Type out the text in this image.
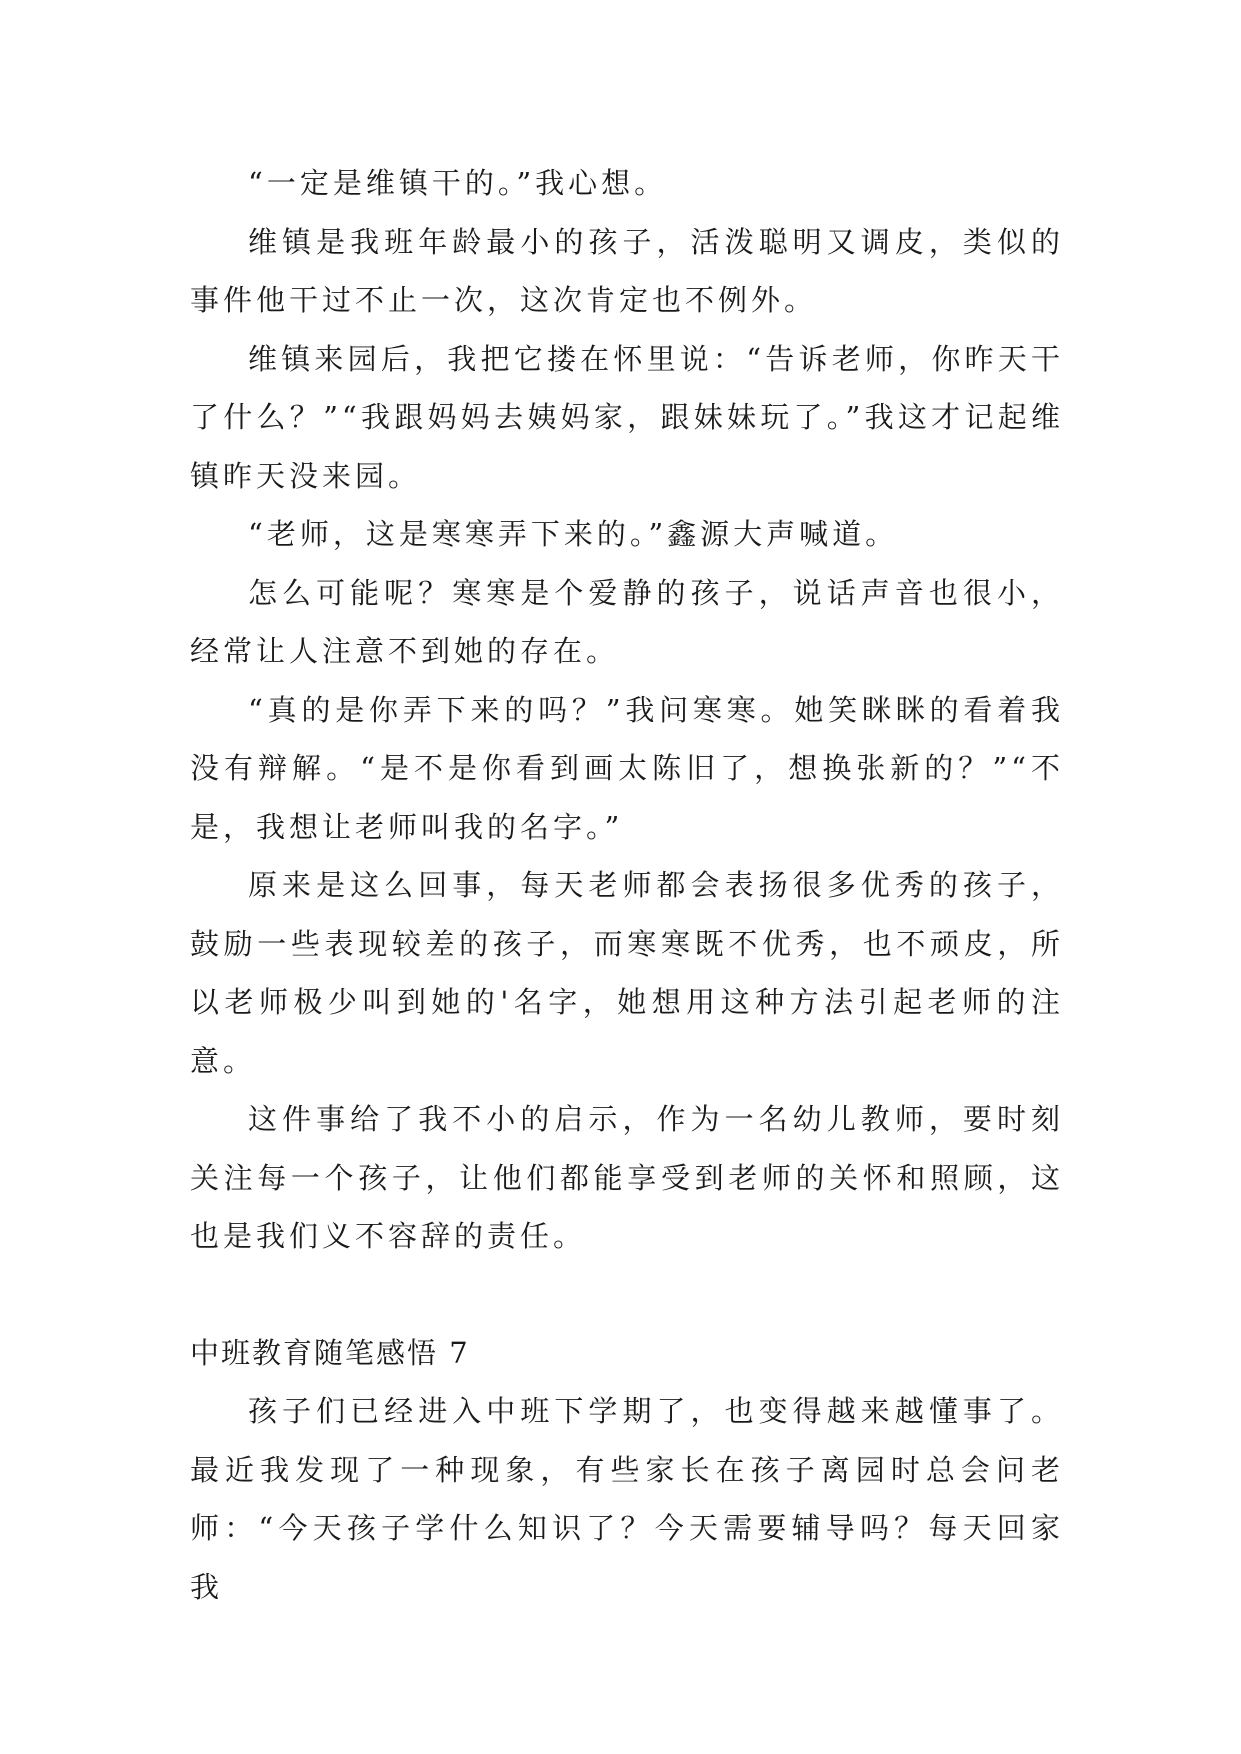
“一定是维镇干的。”我心想。

维镇是我班年龄最小的孩子，活泼聪明又调皮，类似的事件他干过不止一次，这次肯定也不例外。

维镇来园后，我把它搂在怀里说：“告诉老师，你昨天干了什么？”“我跟妈妈去姨妈家，跟妹妹玩了。”我这才记起维镇昨天没来园。

“老师，这是寒寒弄下来的。”鑫源大声喊道。

怎么可能呢？寒寒是个爱静的孩子，说话声音也很小，经常让人注意不到她的存在。

“真的是你弄下来的吗？”我问寒寒。她笑眯眯的看着我没有辩解。“是不是你看到画太陈旧了，想换张新的？”“不是，我想让老师叫我的名字。”

原来是这么回事，每天老师都会表扬很多优秀的孩子，鼓励一些表现较差的孩子，而寒寒既不优秀，也不顽皮，所以老师极少叫到她的'名字，她想用这种方法引起老师的注意。

这件事给了我不小的启示，作为一名幼儿教师，要时刻关注每一个孩子，让他们都能享受到老师的关怀和照顾，这也是我们义不容辞的责任。

中班教育随笔感悟 7

孩子们已经进入中班下学期了，也变得越来越懂事了。最近我发现了一种现象，有些家长在孩子离园时总会问老师：“今天孩子学什么知识了？今天需要辅导吗？每天回家我
